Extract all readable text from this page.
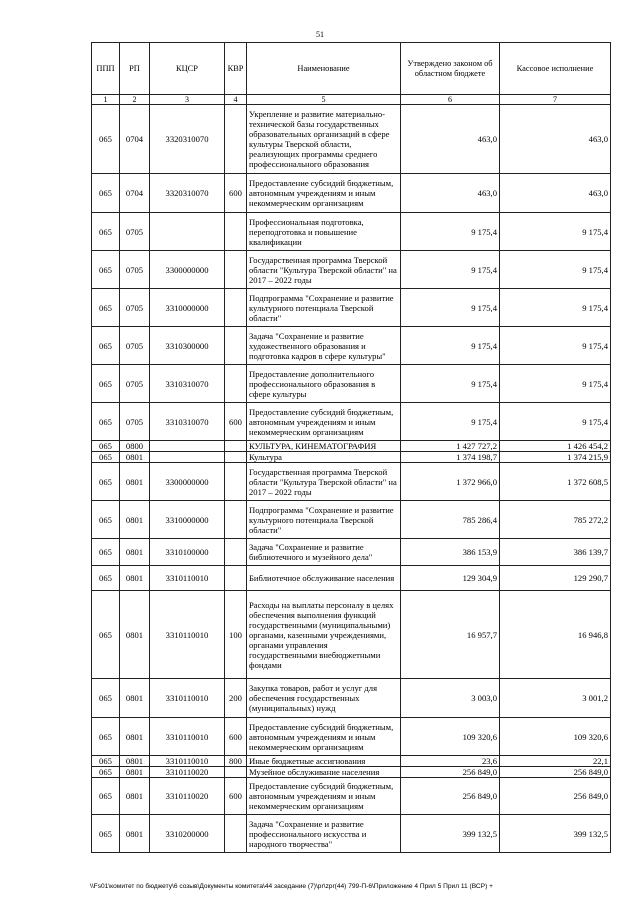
51
ППП	РП	КЦСР	КВР	Наименование	Утверждено законом об областном бюджете	Кассовое исполнение
1	2	3	4	5	6	7
065	0704	3320310070		Укрепление и развитие материально-технической базы государственных образовательных организаций в сфере культуры Тверской области, реализующих программы среднего профессионального образования	463,0	463,0
065	0704	3320310070	600	Предоставление субсидий бюджетным, автономным учреждениям и иным некоммерческим организациям	463,0	463,0
065	0705			Профессиональная подготовка, переподготовка и повышение квалификации	9 175,4	9 175,4
065	0705	3300000000		Государственная программа Тверской области "Культура Тверской области" на 2017 – 2022 годы	9 175,4	9 175,4
065	0705	3310000000		Подпрограмма "Сохранение и развитие культурного потенциала Тверской области"	9 175,4	9 175,4
065	0705	3310300000		Задача "Сохранение и развитие художественного образования и подготовка кадров в сфере культуры"	9 175,4	9 175,4
065	0705	3310310070		Предоставление дополнительного профессионального образования в сфере культуры	9 175,4	9 175,4
065	0705	3310310070	600	Предоставление субсидий бюджетным, автономным учреждениям и иным некоммерческим организациям	9 175,4	9 175,4
065	0800			КУЛЬТУРА, КИНЕМАТОГРАФИЯ	1 427 727,2	1 426 454,2
065	0801			Культура	1 374 198,7	1 374 215,9
065	0801	3300000000		Государственная программа Тверской области "Культура Тверской области" на 2017 – 2022 годы	1 372 966,0	1 372 608,5
065	0801	3310000000		Подпрограмма "Сохранение и развитие культурного потенциала Тверской области"	785 286,4	785 272,2
065	0801	3310100000		Задача "Сохранение и развитие библиотечного и музейного дела"	386 153,9	386 139,7
065	0801	3310110010		Библиотечное обслуживание населения	129 304,9	129 290,7
065	0801	3310110010	100	Расходы на выплаты персоналу в целях обеспечения выполнения функций государственными (муниципальными) органами, казенными учреждениями, органами управления государственными внебюджетными фондами	16 957,7	16 946,8
065	0801	3310110010	200	Закупка товаров, работ и услуг для обеспечения государственных (муниципальных) нужд	3 003,0	3 001,2
065	0801	3310110010	600	Предоставление субсидий бюджетным, автономным учреждениям и иным некоммерческим организациям	109 320,6	109 320,6
065	0801	3310110010	800	Иные бюджетные ассигнования	23,6	22,1
065	0801	3310110020		Музейное обслуживание населения	256 849,0	256 849,0
065	0801	3310110020	600	Предоставление субсидий бюджетным, автономным учреждениям и иным некоммерческим организациям	256 849,0	256 849,0
065	0801	3310200000		Задача "Сохранение и развитие профессионального искусства и народного творчества"	399 132,5	399 132,5
\\Fs01\комитет по бюджету\6 созыв\Документы комитета\44 заседание (7)\pr\zpr(44) 799-П-6\Приложение 4 Прил 5 Прил 11 (ВСР) +
